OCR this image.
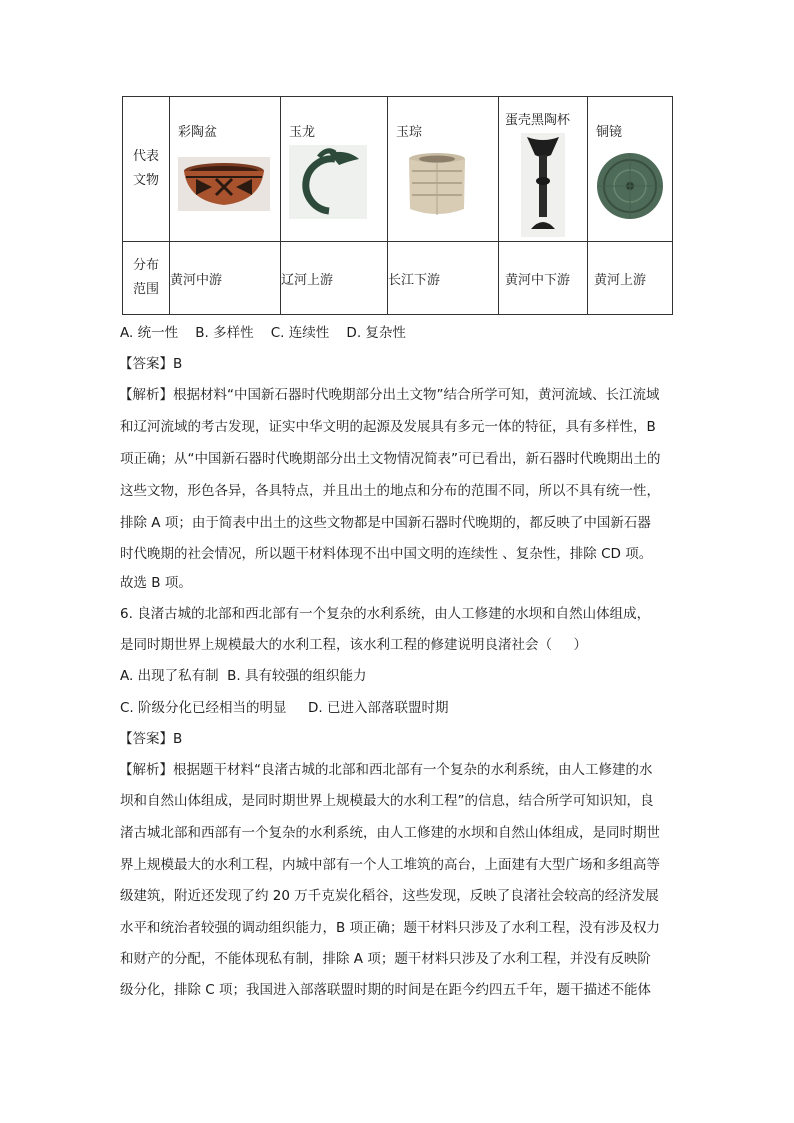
代表文物	彩陶盆	玉龙	玉琮	蛋壳黑陶杯	铜镜

分布范围	黄河中游	辽河上游	长江下游	黄河中下游	黄河上游
A. 统一性    B. 多样性    C. 连续性    D. 复杂性
【答案】B
【解析】根据材料“中国新石器时代晚期部分出土文物”结合所学可知，黄河流域、长江流域
和辽河流域的考古发现，证实中华文明的起源及发展具有多元一体的特征，具有多样性，B
项正确；从“中国新石器时代晚期部分出土文物情况简表”可已看出，新石器时代晚期出土的
这些文物，形色各异，各具特点，并且出土的地点和分布的范围不同，所以不具有统一性，
排除 A 项；由于简表中出土的这些文物都是中国新石器时代晚期的，都反映了中国新石器
时代晚期的社会情况，所以题干材料体现不出中国文明的连续性 、复杂性，排除 CD 项。
故选 B 项。
6. 良渚古城的北部和西北部有一个复杂的水利系统，由人工修建的水坝和自然山体组成，
是同时期世界上规模最大的水利工程，该水利工程的修建说明良渚社会（     ）
A. 出现了私有制  B. 具有较强的组织能力
C. 阶级分化已经相当的明显     D. 已进入部落联盟时期
【答案】B
【解析】根据题干材料“良渚古城的北部和西北部有一个复杂的水利系统，由人工修建的水
坝和自然山体组成，是同时期世界上规模最大的水利工程”的信息，结合所学可知识知，良
渚古城北部和西部有一个复杂的水利系统，由人工修建的水坝和自然山体组成，是同时期世
界上规模最大的水利工程，内城中部有一个人工堆筑的高台，上面建有大型广场和多组高等
级建筑，附近还发现了约 20 万千克炭化稻谷，这些发现，反映了良渚社会较高的经济发展
水平和统治者较强的调动组织能力，B 项正确；题干材料只涉及了水利工程，没有涉及权力
和财产的分配，不能体现私有制，排除 A 项；题干材料只涉及了水利工程，并没有反映阶
级分化，排除 C 项；我国进入部落联盟时期的时间是在距今约四五千年，题干描述不能体
